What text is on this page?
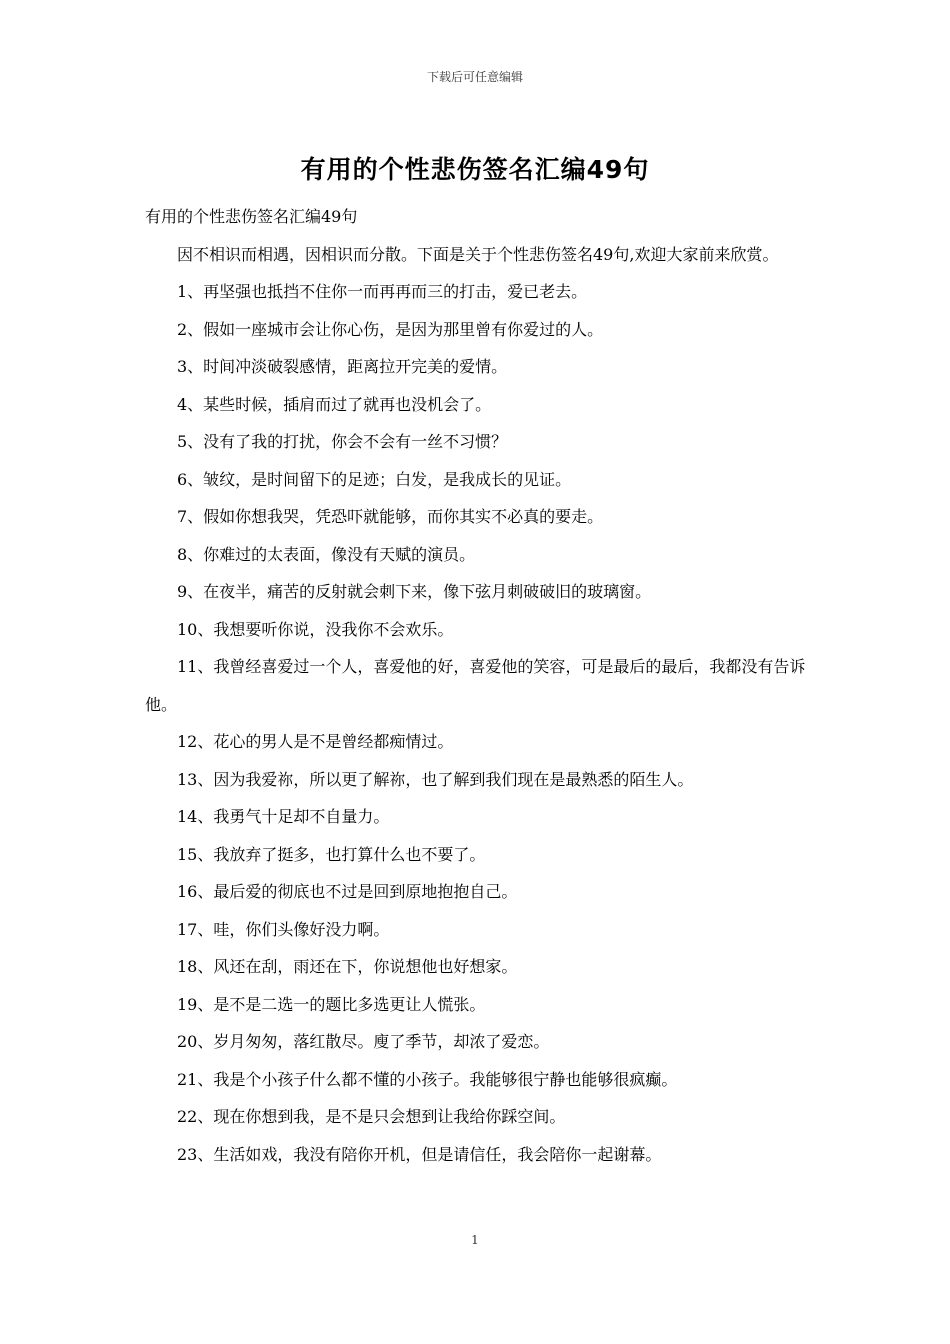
下载后可任意编辑
有用的个性悲伤签名汇编49句

有用的个性悲伤签名汇编49句

因不相识而相遇，因相识而分散。下面是关于个性悲伤签名49句,欢迎大家前来欣赏。

1、再坚强也抵挡不住你一而再再而三的打击，爱已老去。

2、假如一座城市会让你心伤，是因为那里曾有你爱过的人。

3、时间冲淡破裂感情，距离拉开完美的爱情。

4、某些时候，插肩而过了就再也没机会了。

5、没有了我的打扰，你会不会有一丝不习惯？

6、皱纹，是时间留下的足迹；白发，是我成长的见证。

7、假如你想我哭，凭恐吓就能够，而你其实不必真的要走。

8、你难过的太表面，像没有天赋的演员。

9、在夜半，痛苦的反射就会刺下来，像下弦月刺破破旧的玻璃窗。

10、我想要听你说，没我你不会欢乐。

11、我曾经喜爱过一个人，喜爱他的好，喜爱他的笑容，可是最后的最后，我都没有告诉他。

12、花心的男人是不是曾经都痴情过。

13、因为我爱祢，所以更了解祢，也了解到我们现在是最熟悉的陌生人。

14、我勇气十足却不自量力。

15、我放弃了挺多，也打算什么也不要了。

16、最后爱的彻底也不过是回到原地抱抱自己。

17、哇，你们头像好没力啊。

18、风还在刮，雨还在下，你说想他也好想家。

19、是不是二选一的题比多选更让人慌张。

20、岁月匆匆，落红散尽。廋了季节，却浓了爱恋。

21、我是个小孩子什么都不懂的小孩子。我能够很宁静也能够很疯癫。

22、现在你想到我，是不是只会想到让我给你踩空间。

23、生活如戏，我没有陪你开机，但是请信任，我会陪你一起谢幕。

1
